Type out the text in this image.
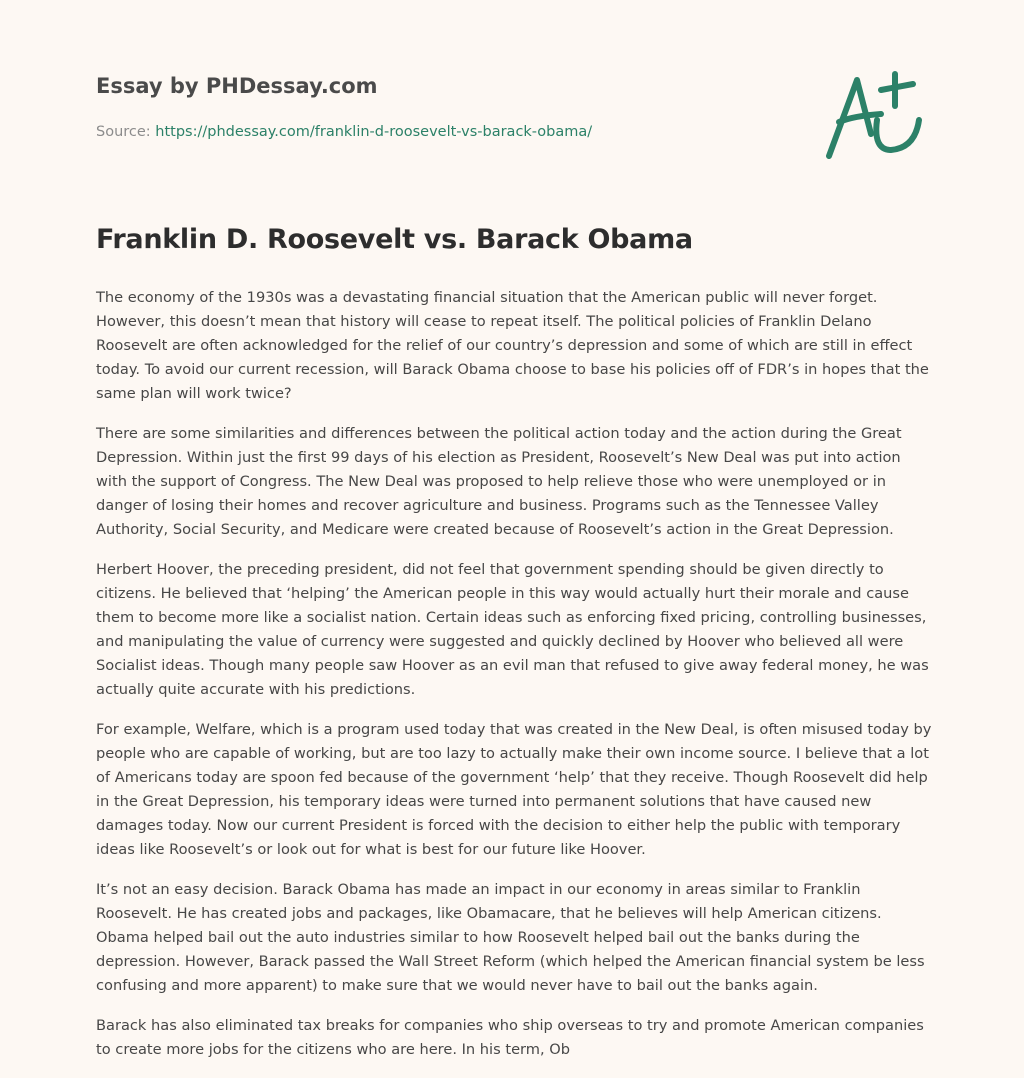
Essay by PHDessay.com
Source: https://phdessay.com/franklin-d-roosevelt-vs-barack-obama/
Franklin D. Roosevelt vs. Barack Obama

The economy of the 1930s was a devastating financial situation that the American public will never forget. However, this doesn’t mean that history will cease to repeat itself. The political policies of Franklin Delano Roosevelt are often acknowledged for the relief of our country’s depression and some of which are still in effect today. To avoid our current recession, will Barack Obama choose to base his policies off of FDR’s in hopes that the same plan will work twice?

There are some similarities and differences between the political action today and the action during the Great Depression. Within just the first 99 days of his election as President, Roosevelt’s New Deal was put into action with the support of Congress. The New Deal was proposed to help relieve those who were unemployed or in danger of losing their homes and recover agriculture and business. Programs such as the Tennessee Valley Authority, Social Security, and Medicare were created because of Roosevelt’s action in the Great Depression.

Herbert Hoover, the preceding president, did not feel that government spending should be given directly to citizens. He believed that ‘helping’ the American people in this way would actually hurt their morale and cause them to become more like a socialist nation. Certain ideas such as enforcing fixed pricing, controlling businesses, and manipulating the value of currency were suggested and quickly declined by Hoover who believed all were Socialist ideas. Though many people saw Hoover as an evil man that refused to give away federal money, he was actually quite accurate with his predictions.

For example, Welfare, which is a program used today that was created in the New Deal, is often misused today by people who are capable of working, but are too lazy to actually make their own income source. I believe that a lot of Americans today are spoon fed because of the government ‘help’ that they receive. Though Roosevelt did help in the Great Depression, his temporary ideas were turned into permanent solutions that have caused new damages today. Now our current President is forced with the decision to either help the public with temporary ideas like Roosevelt’s or look out for what is best for our future like Hoover.

It’s not an easy decision. Barack Obama has made an impact in our economy in areas similar to Franklin Roosevelt. He has created jobs and packages, like Obamacare, that he believes will help American citizens. Obama helped bail out the auto industries similar to how Roosevelt helped bail out the banks during the depression. However, Barack passed the Wall Street Reform (which helped the American financial system be less confusing and more apparent) to make sure that we would never have to bail out the banks again.

Barack has also eliminated tax breaks for companies who ship overseas to try and promote American companies to create more jobs for the citizens who are here. In his term, Ob
